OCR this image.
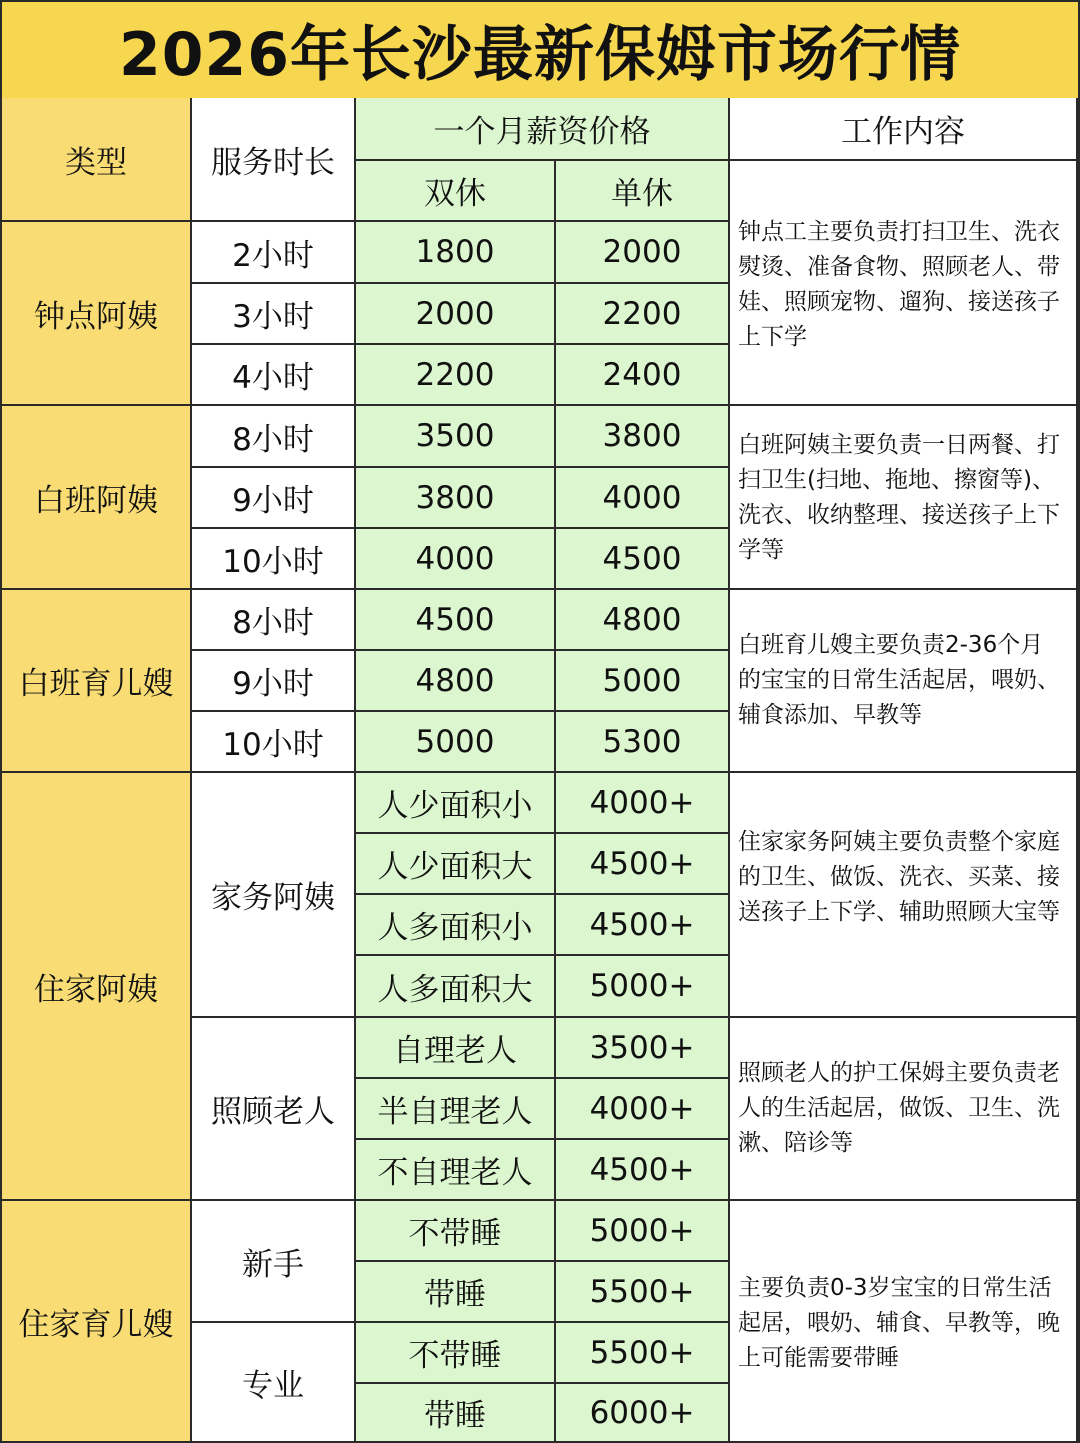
2026年长沙最新保姆市场行情
类型	服务时长
一个月薪资价格
双休	单休
工作内容
钟点阿姨
2小时	1800	2000
3小时	2000	2200
4小时	2200	2400
钟点工主要负责打扫卫生、洗衣熨烫、准备食物、照顾老人、带娃、照顾宠物、遛狗、接送孩子上下学
白班阿姨
8小时	3500	3800
9小时	3800	4000
10小时	4000	4500
白班阿姨主要负责一日两餐、打扫卫生(扫地、拖地、擦窗等)、洗衣、收纳整理、接送孩子上下学等
白班育儿嫂
8小时	4500	4800
9小时	4800	5000
10小时	5000	5300
白班育儿嫂主要负责2-36个月的宝宝的日常生活起居，喂奶、辅食添加、早教等
住家阿姨
家务阿姨
人少面积小	4000+
人少面积大	4500+
人多面积小	4500+
人多面积大	5000+
住家家务阿姨主要负责整个家庭的卫生、做饭、洗衣、买菜、接送孩子上下学、辅助照顾大宝等
照顾老人
自理老人	3500+
半自理老人	4000+
不自理老人	4500+
照顾老人的护工保姆主要负责老人的生活起居，做饭、卫生、洗漱、陪诊等
住家育儿嫂
新手
不带睡	5000+
带睡	5500+
专业
不带睡	5500+
带睡	6000+
主要负责0-3岁宝宝的日常生活起居，喂奶、辅食、早教等，晚上可能需要带睡
